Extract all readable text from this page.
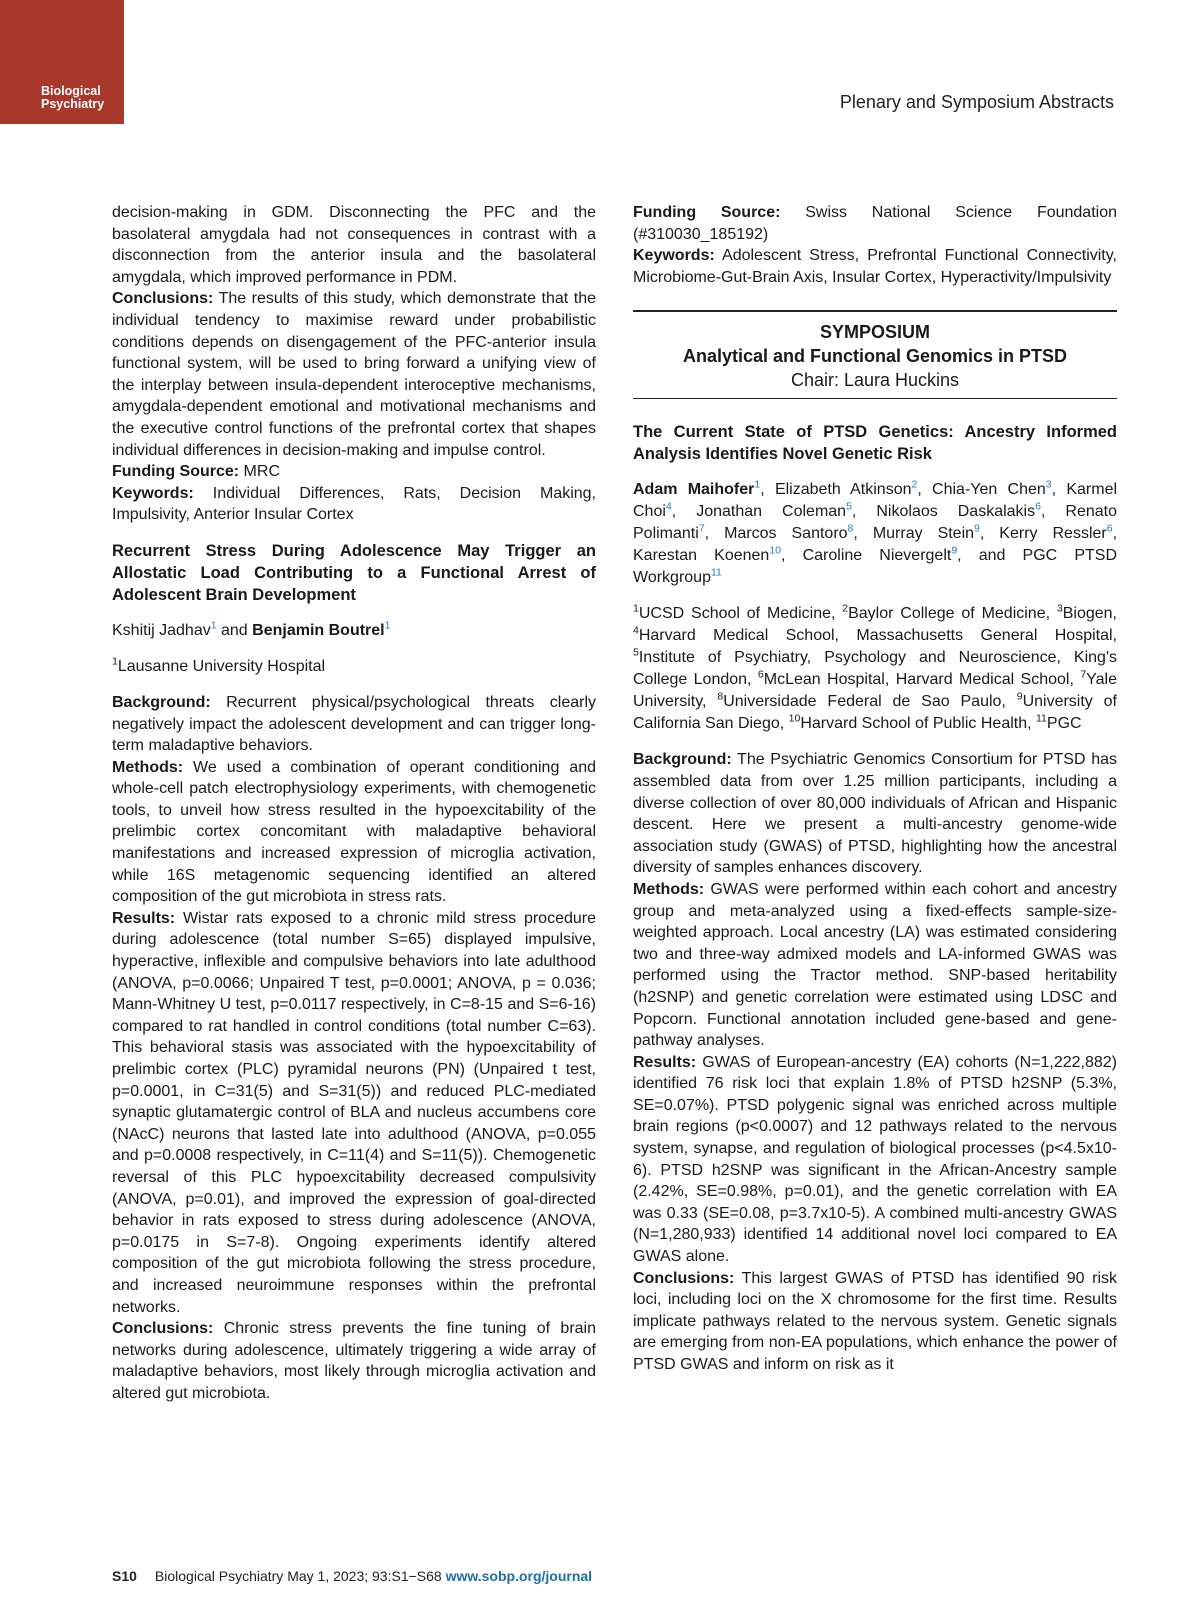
Biological
Psychiatry	Plenary and Symposium Abstracts

decision-making in GDM. Disconnecting the PFC and the basolateral amygdala had not consequences in contrast with a disconnection from the anterior insula and the basolateral amygdala, which improved performance in PDM.

Conclusions: The results of this study, which demonstrate that the individual tendency to maximise reward under probabilistic conditions depends on disengagement of the PFC-anterior insula functional system, will be used to bring forward a unifying view of the interplay between insula-dependent interoceptive mechanisms, amygdala-dependent emotional and motivational mechanisms and the executive control functions of the prefrontal cortex that shapes individual differences in decision-making and impulse control.

Funding Source: MRC

Keywords: Individual Differences, Rats, Decision Making, Impulsivity, Anterior Insular Cortex

Recurrent Stress During Adolescence May Trigger an Allostatic Load Contributing to a Functional Arrest of Adolescent Brain Development

Kshitij Jadhav$^1$ and Benjamin Boutrel$^1$

$^1$Lausanne University Hospital

Background: Recurrent physical/psychological threats clearly negatively impact the adolescent development and can trigger long-term maladaptive behaviors.

Methods: We used a combination of operant conditioning and whole-cell patch electrophysiology experiments, with chemogenetic tools, to unveil how stress resulted in the hypoexcitability of the prelimbic cortex concomitant with maladaptive behavioral manifestations and increased expression of microglia activation, while 16S metagenomic sequencing identified an altered composition of the gut microbiota in stress rats.

Results: Wistar rats exposed to a chronic mild stress procedure during adolescence (total number S=65) displayed impulsive, hyperactive, inflexible and compulsive behaviors into late adulthood (ANOVA, p=0.0066; Unpaired T test, p=0.0001; ANOVA, p = 0.036; Mann-Whitney U test, p=0.0117 respectively, in C=8-15 and S=6-16) compared to rat handled in control conditions (total number C=63). This behavioral stasis was associated with the hypoexcitability of prelimbic cortex (PLC) pyramidal neurons (PN) (Unpaired t test, p=0.0001, in C=31(5) and S=31(5)) and reduced PLC-mediated synaptic glutamatergic control of BLA and nucleus accumbens core (NAcC) neurons that lasted late into adulthood (ANOVA, p=0.055 and p=0.0008 respectively, in C=11(4) and S=11(5)). Chemogenetic reversal of this PLC hypoexcitability decreased compulsivity (ANOVA, p=0.01), and improved the expression of goal-directed behavior in rats exposed to stress during adolescence (ANOVA, p=0.0175 in S=7-8). Ongoing experiments identify altered composition of the gut microbiota following the stress procedure, and increased neuroimmune responses within the prefrontal networks.

Conclusions: Chronic stress prevents the fine tuning of brain networks during adolescence, ultimately triggering a wide array of maladaptive behaviors, most likely through microglia activation and altered gut microbiota.

Funding Source: Swiss National Science Foundation (#310030_185192)

Keywords: Adolescent Stress, Prefrontal Functional Connectivity, Microbiome-Gut-Brain Axis, Insular Cortex, Hyperactivity/Impulsivity

SYMPOSIUM
Analytical and Functional Genomics in PTSD
Chair: Laura Huckins

The Current State of PTSD Genetics: Ancestry Informed Analysis Identifies Novel Genetic Risk

Adam Maihofer$^1$, Elizabeth Atkinson$^2$, Chia-Yen Chen$^3$, Karmel Choi$^4$, Jonathan Coleman$^5$, Nikolaos Daskalakis$^6$, Renato Polimanti$^7$, Marcos Santoro$^8$, Murray Stein$^9$, Kerry Ressler$^6$, Karestan Koenen$^{10}$, Caroline Nievergelt$^9$, and PGC PTSD Workgroup$^{11}$

$^1$UCSD School of Medicine, $^2$Baylor College of Medicine, $^3$Biogen, $^4$Harvard Medical School, Massachusetts General Hospital, $^5$Institute of Psychiatry, Psychology and Neuroscience, King's College London, $^6$McLean Hospital, Harvard Medical School, $^7$Yale University, $^8$Universidade Federal de Sao Paulo, $^9$University of California San Diego, $^{10}$Harvard School of Public Health, $^{11}$PGC

Background: The Psychiatric Genomics Consortium for PTSD has assembled data from over 1.25 million participants, including a diverse collection of over 80,000 individuals of African and Hispanic descent. Here we present a multi-ancestry genome-wide association study (GWAS) of PTSD, highlighting how the ancestral diversity of samples enhances discovery.

Methods: GWAS were performed within each cohort and ancestry group and meta-analyzed using a fixed-effects sample-size-weighted approach. Local ancestry (LA) was estimated considering two and three-way admixed models and LA-informed GWAS was performed using the Tractor method. SNP-based heritability (h2SNP) and genetic correlation were estimated using LDSC and Popcorn. Functional annotation included gene-based and gene-pathway analyses.

Results: GWAS of European-ancestry (EA) cohorts (N=1,222,882) identified 76 risk loci that explain 1.8% of PTSD h2SNP (5.3%, SE=0.07%). PTSD polygenic signal was enriched across multiple brain regions (p<0.0007) and 12 pathways related to the nervous system, synapse, and regulation of biological processes (p<4.5x10-6). PTSD h2SNP was significant in the African-Ancestry sample (2.42%, SE=0.98%, p=0.01), and the genetic correlation with EA was 0.33 (SE=0.08, p=3.7x10-5). A combined multi-ancestry GWAS (N=1,280,933) identified 14 additional novel loci compared to EA GWAS alone.

Conclusions: This largest GWAS of PTSD has identified 90 risk loci, including loci on the X chromosome for the first time. Results implicate pathways related to the nervous system. Genetic signals are emerging from non-EA populations, which enhance the power of PTSD GWAS and inform on risk as it

S10 Biological Psychiatry May 1, 2023; 93:S1−S68 www.sobp.org/journal
